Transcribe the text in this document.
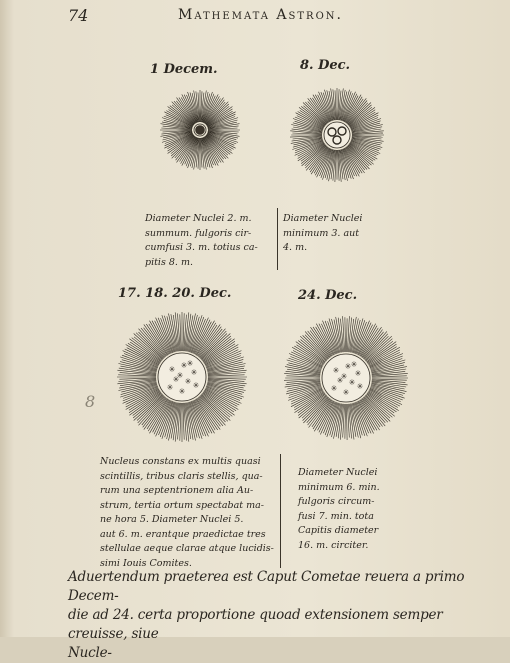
74	Mathemata Astron.
1 Decem.
Diameter Nuclei 2. m.
summum. fulgoris cir-
cumfusi 3. m. totius ca-
pitis 8. m.
8. Dec.
Diameter Nuclei
minimum 3. aut
4. m.
17. 18. 20. Dec.
✳ ✳
✳
✳ ✳ ✳
✳ ✳
✳
✳
Nucleus constans ex multis quasi
scintillis, tribus claris stellis, qua-
rum una septentrionem alia Au-
strum, tertia ortum spectabat ma-
ne hora 5. Diameter Nuclei 5.
aut 6. m. erantque praedictae tres
stellulae aeque clarae atque lucidis-
simi Iouis Comites.
24. Dec.
✳ ✳
✳
✳ ✳ ✳
✳ ✳
✳
✳
Diameter Nuclei
minimum 6. min.
fulgoris circum-
fusi 7. min. tota
Capitis diameter
16. m. circiter.
8
Aduertendum praeterea est Caput Cometae reuera a primo Decem-
die ad 24. certa proportione quoad extensionem semper creuisse, siue
Nucle-
